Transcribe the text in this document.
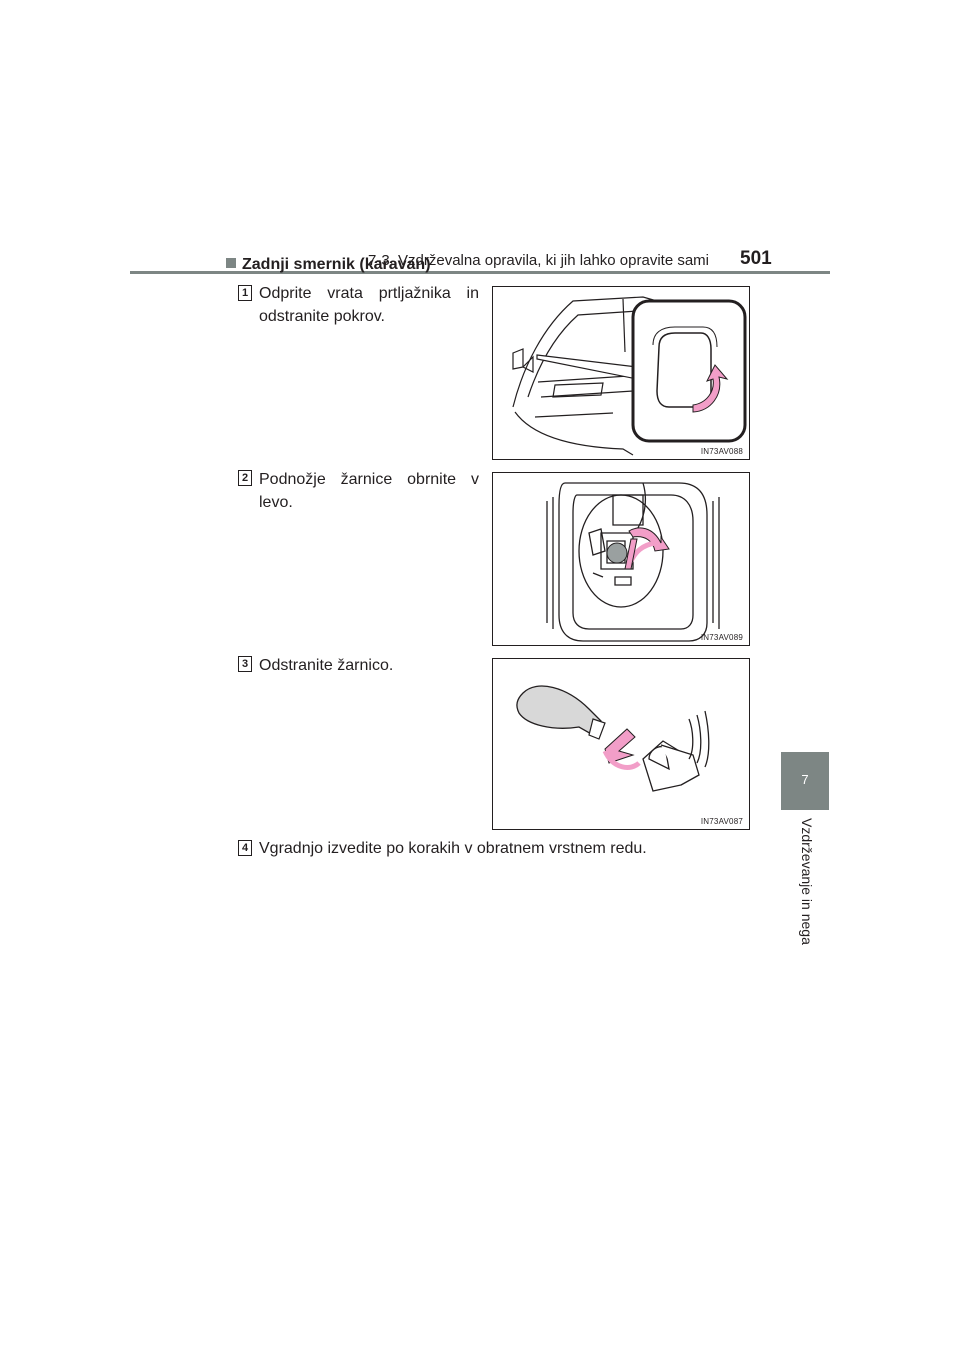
7-3. Vzdrževalna opravila, ki jih lahko opravite sami 501
7
Vzdrževanje in nega
Zadnji smernik (karavan)
1 Odprite vrata prtljažnika in odstranite pokrov.
IN73AV088
2 Podnožje žarnice obrnite v levo.
IN73AV089
3 Odstranite žarnico.
IN73AV087
4 Vgradnjo izvedite po korakih v obratnem vrstnem redu.
